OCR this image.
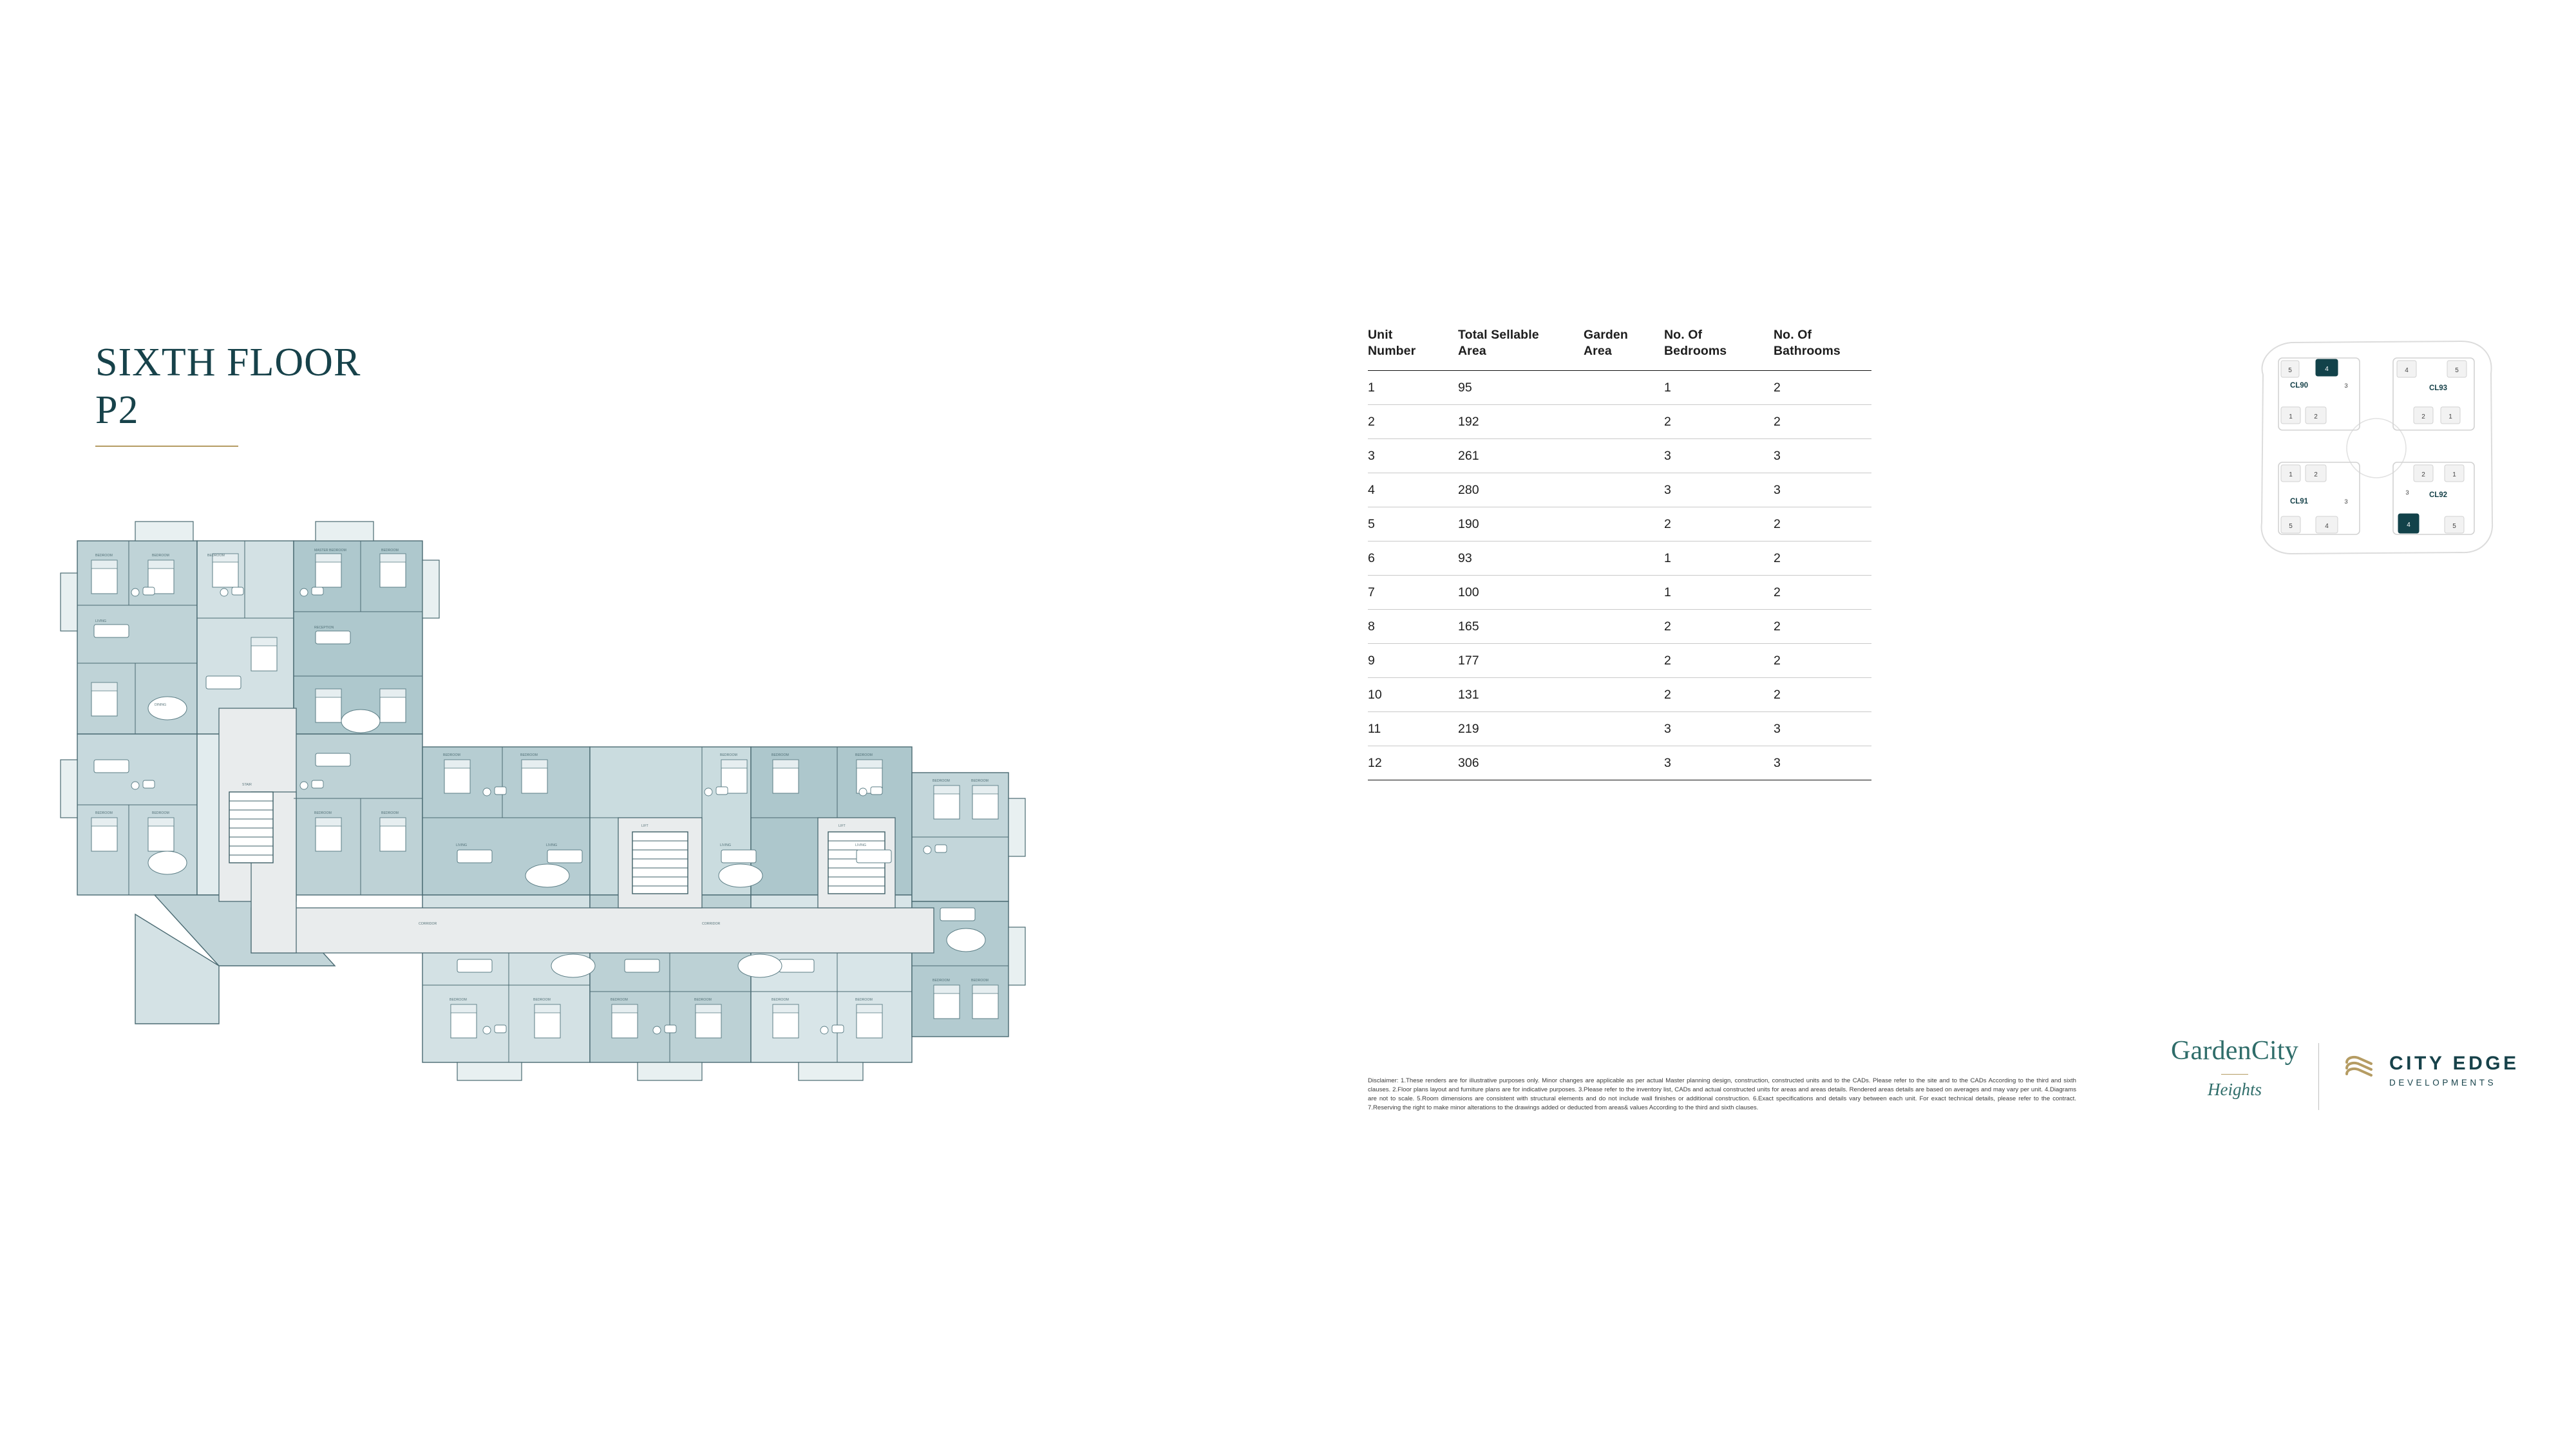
SIXTH FLOOR
P2
BEDROOM	BEDROOM
LIVING
DINING
BEDROOM
MASTER BEDROOM	BEDROOM
RECEPTION
BEDROOM	BEDROOM	BEDROOM	BEDROOM
BEDROOM	BEDROOM	BEDROOM	BEDROOM	BEDROOM
LIVING	LIVING	LIVING	LIVING
BEDROOM	BEDROOM	BEDROOM	BEDROOM	BEDROOM	BEDROOM
BEDROOM	BEDROOM
BEDROOM	BEDROOM
STAIR
LIFT	LIFT
CORRIDOR	CORRIDOR
Unit
Number

Total Sellable
Area

Garden
Area

No. Of
Bedrooms

No. Of
Bathrooms

1	95		1	2
2	192		2	2
3	261		3	3
4	280		3	3
5	190		2	2
6	93		1	2
7	100		1	2
8	165		2	2
9	177		2	2
10	131		2	2
11	219		3	3
12	306		3	3
5	4
3
CL90
1	2
4	5
CL93
2	1
1	2
CL91	3
5	4
2	1
3	CL92
4	5
Disclaimer: 1.These renders are for illustrative purposes only. Minor changes are applicable as per actual Master planning design, construction, constructed units and to the CADs. Please refer to the site and to the CADs According to the third and sixth clauses. 2.Floor plans layout and furniture plans are for indicative purposes. 3.Please refer to the inventory list, CADs and actual constructed units for areas and areas details. Rendered areas details are based on averages and may vary per unit. 4.Diagrams are not to scale. 5.Room dimensions are consistent with structural elements and do not include wall finishes or additional construction. 6.Exact specifications and details vary between each unit. For exact technical details, please refer to the contract. 7.Reserving the right to make minor alterations to the drawings added or deducted from areas& values According to the third and sixth clauses.
GardenCity
Heights
CITY EDGE
DEVELOPMENTS
